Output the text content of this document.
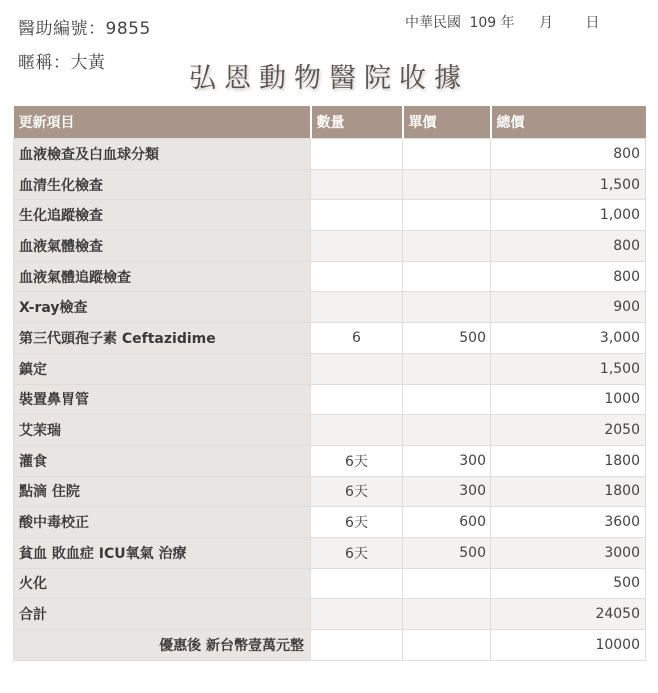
醫助編號：9855
暱稱：大黃
中華民國 109 年 月 日
弘恩動物醫院收據
更新項目	數量	單價	總價
血液檢查及白血球分類			800
血清生化檢查			1,500
生化追蹤檢查			1,000
血液氣體檢查			800
血液氣體追蹤檢查			800
X-ray檢查			900
第三代頭孢子素 Ceftazidime	6	500	3,000
鎮定			1,500
裝置鼻胃管			1000
艾茉瑞			2050
灌食	6天	300	1800
點滴 住院	6天	300	1800
酸中毒校正	6天	600	3600
貧血 敗血症 ICU氧氣 治療	6天	500	3000
火化			500
合計			24050
優惠後 新台幣壹萬元整			10000
